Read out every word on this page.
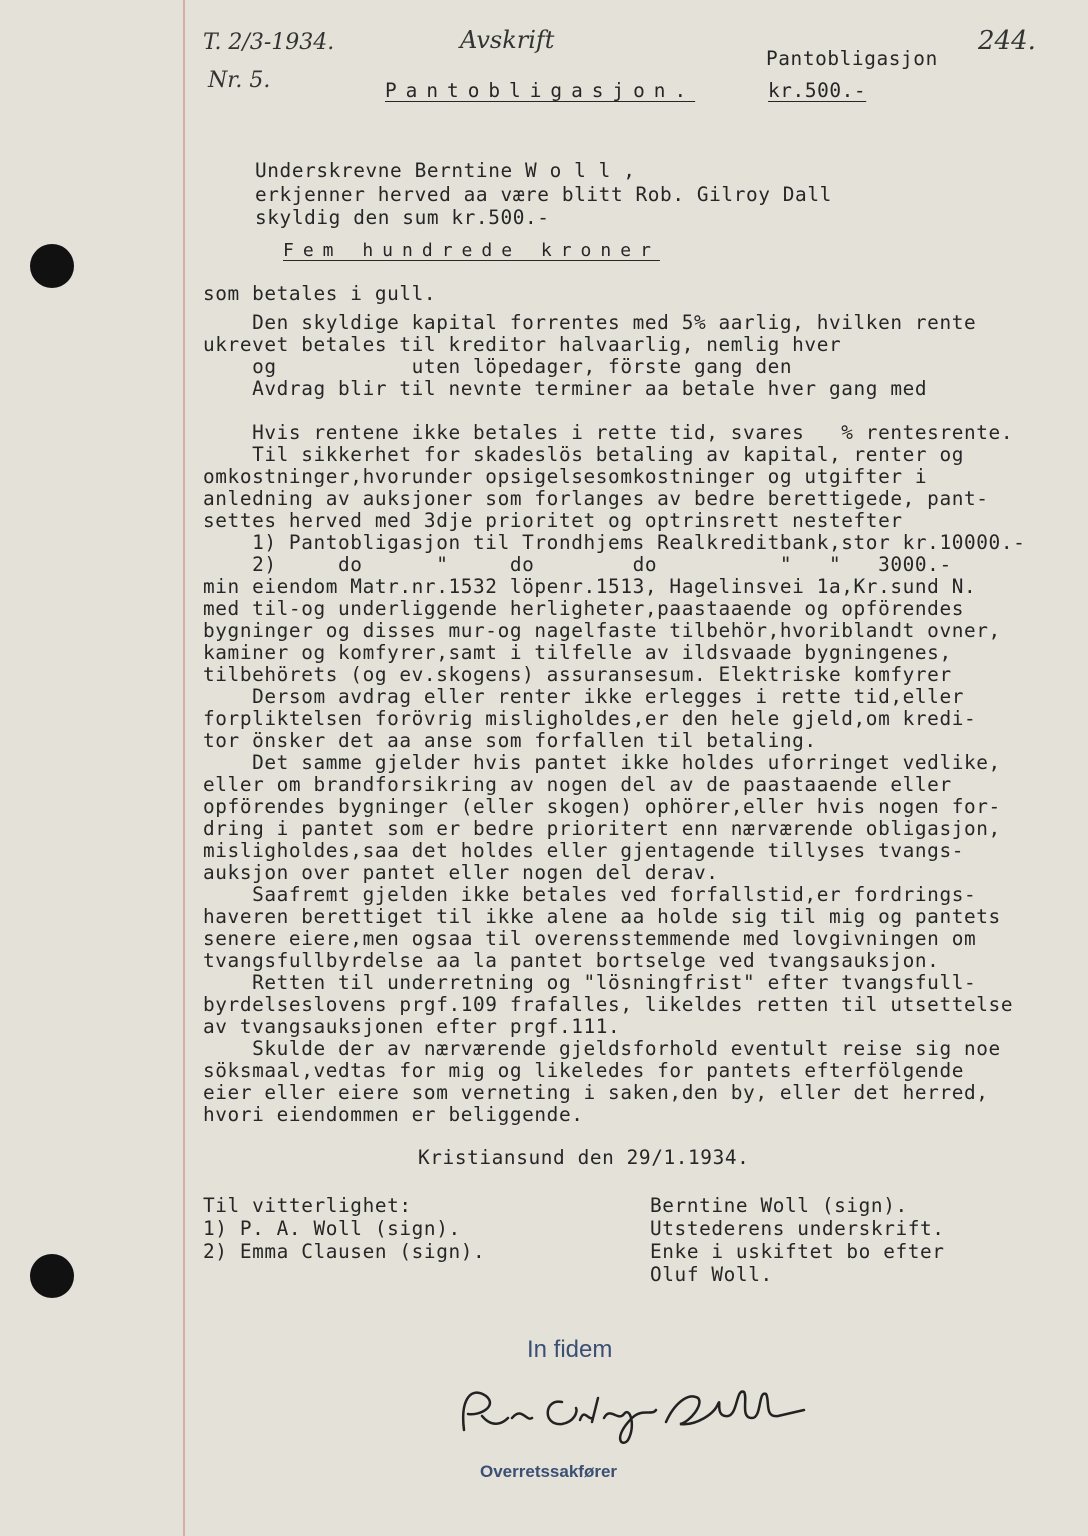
T. 2/3-1934.
Nr. 5.
Avskrift
Pantobligasjon
244.
Pantobligasjon.	kr.500.-
Underskrevne Berntine W o l l ,
erkjenner herved aa være blitt Rob. Gilroy Dall
skyldig den sum kr.500.-
Fem hundrede kroner
som betales i gull.
Den skyldige kapital forrentes med 5% aarlig, hvilken rente
ukrevet betales til kreditor halvaarlig, nemlig hver
og           uten löpedager, förste gang den
Avdrag blir til nevnte terminer aa betale hver gang med
Hvis rentene ikke betales i rette tid, svares   % rentesrente.
Til sikkerhet for skadeslös betaling av kapital, renter og
omkostninger,hvorunder opsigelsesomkostninger og utgifter i
anledning av auksjoner som forlanges av bedre berettigede, pant-
settes herved med 3dje prioritet og optrinsrett nestefter
1) Pantobligasjon til Trondhjems Realkreditbank,stor kr.10000.-
2)     do      "     do        do          "   "   3000.-
min eiendom Matr.nr.1532 löpenr.1513, Hagelinsvei 1a,Kr.sund N.
med til-og underliggende herligheter,paastaaende og opförendes
bygninger og disses mur-og nagelfaste tilbehör,hvoriblandt ovner,
kaminer og komfyrer,samt i tilfelle av ildsvaade bygningenes,
tilbehörets (og ev.skogens) assuransesum. Elektriske komfyrer
Dersom avdrag eller renter ikke erlegges i rette tid,eller
forpliktelsen forövrig misligholdes,er den hele gjeld,om kredi-
tor önsker det aa anse som forfallen til betaling.
Det samme gjelder hvis pantet ikke holdes uforringet vedlike,
eller om brandforsikring av nogen del av de paastaaende eller
opförendes bygninger (eller skogen) ophörer,eller hvis nogen for-
dring i pantet som er bedre prioritert enn nærværende obligasjon,
misligholdes,saa det holdes eller gjentagende tillyses tvangs-
auksjon over pantet eller nogen del derav.
Saafremt gjelden ikke betales ved forfallstid,er fordrings-
haveren berettiget til ikke alene aa holde sig til mig og pantets
senere eiere,men ogsaa til overensstemmende med lovgivningen om
tvangsfullbyrdelse aa la pantet bortselge ved tvangsauksjon.
Retten til underretning og "lösningfrist" efter tvangsfull-
byrdelseslovens prgf.109 frafalles, likeldes retten til utsettelse
av tvangsauksjonen efter prgf.111.
Skulde der av nærværende gjeldsforhold eventult reise sig noe
söksmaal,vedtas for mig og likeledes for pantets efterfölgende
eier eller eiere som verneting i saken,den by, eller det herred,
hvori eiendommen er beliggende.
Kristiansund den 29/1.1934.
Til vitterlighet:
1) P. A. Woll (sign).
2) Emma Clausen (sign).
Berntine Woll (sign).
Utstederens underskrift.
Enke i uskiftet bo efter
Oluf Woll.
In fidem
Overretssakfører
